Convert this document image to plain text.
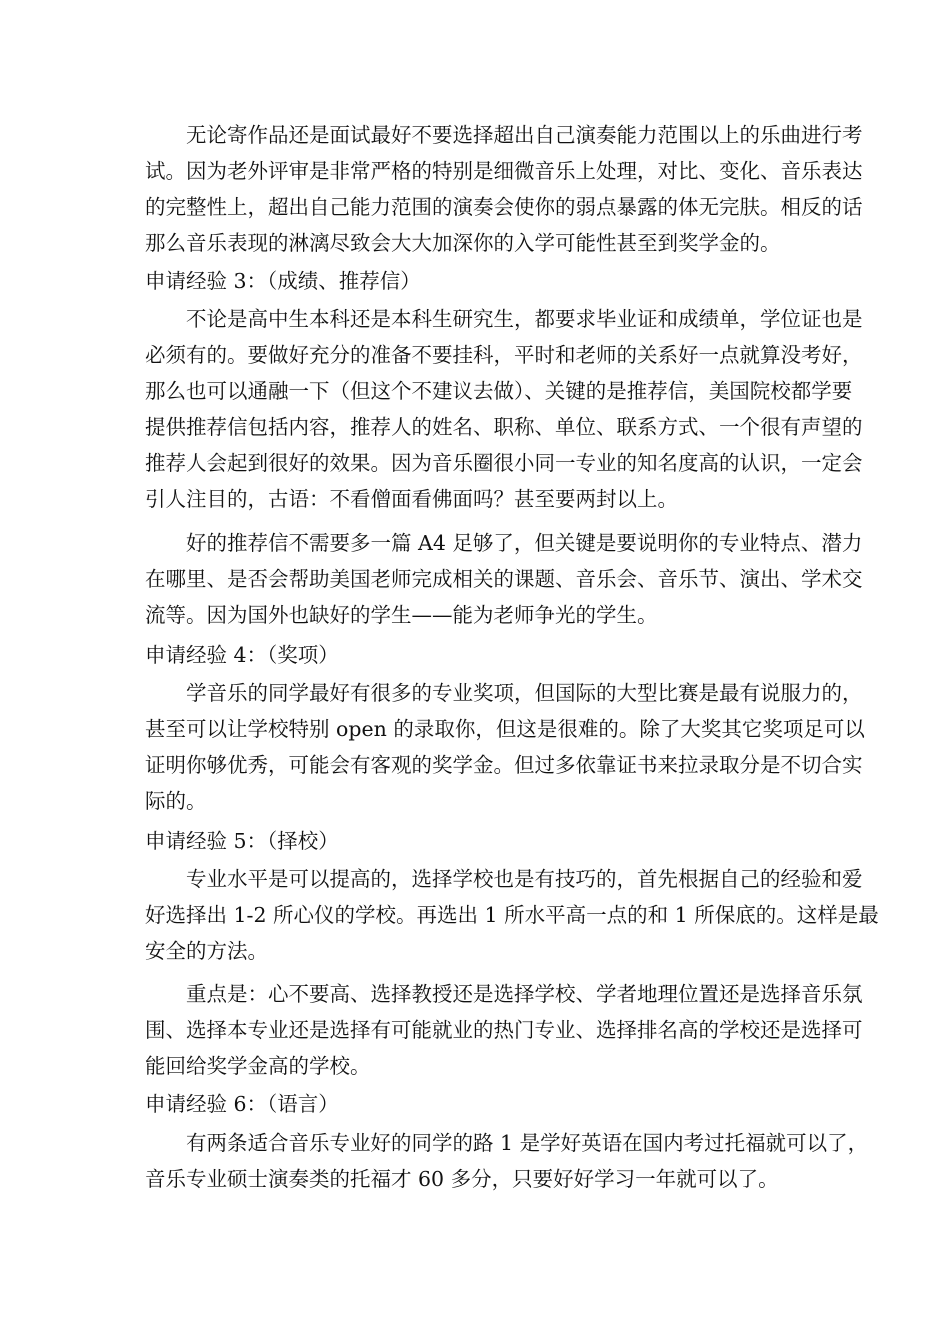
无论寄作品还是面试最好不要选择超出自己演奏能力范围以上的乐曲进行考
试。因为老外评审是非常严格的特别是细微音乐上处理，对比、变化、音乐表达
的完整性上，超出自己能力范围的演奏会使你的弱点暴露的体无完肤。相反的话
那么音乐表现的淋漓尽致会大大加深你的入学可能性甚至到奖学金的。
申请经验 3：（成绩、推荐信）
不论是高中生本科还是本科生研究生，都要求毕业证和成绩单，学位证也是
必须有的。要做好充分的准备不要挂科，平时和老师的关系好一点就算没考好，
那么也可以通融一下（但这个不建议去做）、关键的是推荐信，美国院校都学要
提供推荐信包括内容，推荐人的姓名、职称、单位、联系方式、一个很有声望的
推荐人会起到很好的效果。因为音乐圈很小同一专业的知名度高的认识，一定会
引人注目的，古语：不看僧面看佛面吗？甚至要两封以上。
好的推荐信不需要多一篇 A4 足够了，但关键是要说明你的专业特点、潜力
在哪里、是否会帮助美国老师完成相关的课题、音乐会、音乐节、演出、学术交
流等。因为国外也缺好的学生——能为老师争光的学生。
申请经验 4：（奖项）
学音乐的同学最好有很多的专业奖项，但国际的大型比赛是最有说服力的，
甚至可以让学校特别 open 的录取你，但这是很难的。除了大奖其它奖项足可以
证明你够优秀，可能会有客观的奖学金。但过多依靠证书来拉录取分是不切合实
际的。
申请经验 5：（择校）
专业水平是可以提高的，选择学校也是有技巧的，首先根据自己的经验和爱
好选择出 1-2 所心仪的学校。再选出 1 所水平高一点的和 1 所保底的。这样是最
安全的方法。
重点是：心不要高、选择教授还是选择学校、学者地理位置还是选择音乐氛
围、选择本专业还是选择有可能就业的热门专业、选择排名高的学校还是选择可
能回给奖学金高的学校。
申请经验 6：（语言）
有两条适合音乐专业好的同学的路 1 是学好英语在国内考过托福就可以了，
音乐专业硕士演奏类的托福才 60 多分，只要好好学习一年就可以了。
